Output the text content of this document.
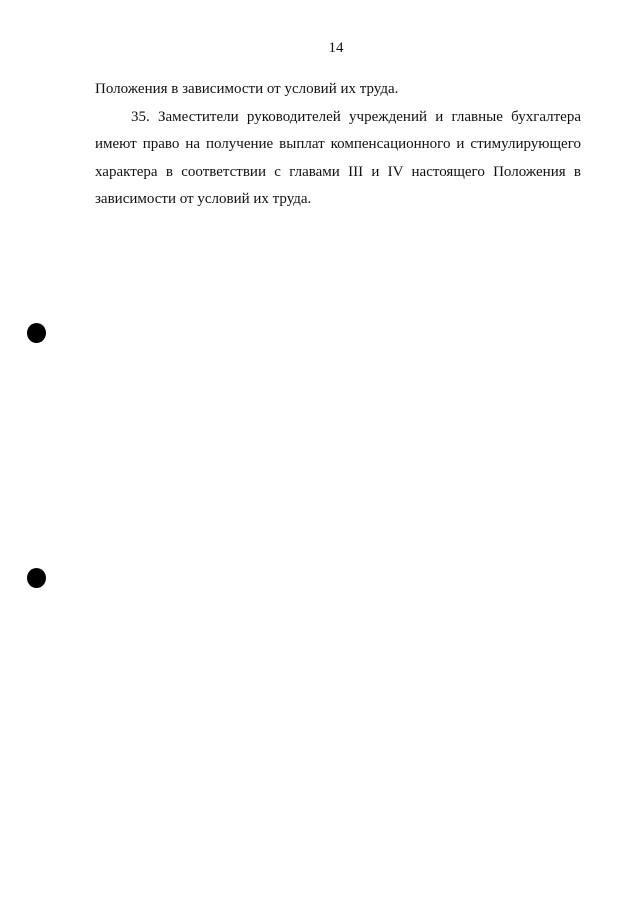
14
Положения в зависимости от условий их труда.
35. Заместители руководителей учреждений и главные бухгалтера
имеют право на получение выплат компенсационного и стимулирующего
характера в соответствии с главами III и IV настоящего Положения в
зависимости от условий их труда.
